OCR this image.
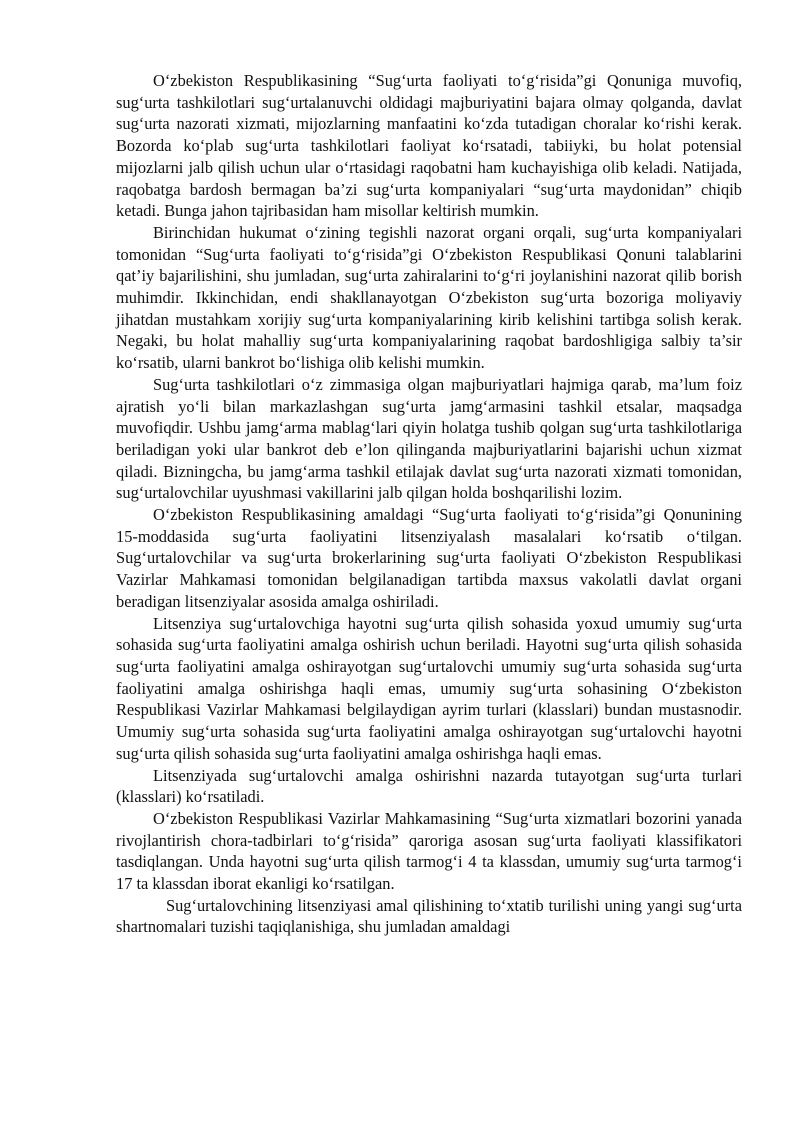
O‘zbekiston Respublikasining “Sug‘urta faoliyati to‘g‘risida”gi Qonuniga muvofiq, sug‘urta tashkilotlari sug‘urtalanuvchi oldidagi majburiyatini bajara olmay qolganda, davlat sug‘urta nazorati xizmati, mijozlarning manfaatini ko‘zda tutadigan choralar ko‘rishi kerak. Bozorda ko‘plab sug‘urta tashkilotlari faoliyat ko‘rsatadi, tabiiyki, bu holat potensial mijozlarni jalb qilish uchun ular o‘rtasidagi raqobatni ham kuchayishiga olib keladi. Natijada, raqobatga bardosh bermagan ba’zi sug‘urta kompaniyalari “sug‘urta maydonidan” chiqib ketadi. Bunga jahon tajribasidan ham misollar keltirish mumkin.

Birinchidan hukumat o‘zining tegishli nazorat organi orqali, sug‘urta kompaniyalari tomonidan “Sug‘urta faoliyati to‘g‘risida”gi O‘zbekiston Respublikasi Qonuni talablarini qat’iy bajarilishini, shu jumladan, sug‘urta zahiralarini to‘g‘ri joylanishini nazorat qilib borish muhimdir. Ikkinchidan, endi shakllanayotgan O‘zbekiston sug‘urta bozoriga moliyaviy jihatdan mustahkam xorijiy sug‘urta kompaniyalarining kirib kelishini tartibga solish kerak. Negaki, bu holat mahalliy sug‘urta kompaniyalarining raqobat bardoshligiga salbiy ta’sir ko‘rsatib, ularni bankrot bo‘lishiga olib kelishi mumkin.

Sug‘urta tashkilotlari o‘z zimmasiga olgan majburiyatlari hajmiga qarab, ma’lum foiz ajratish yo‘li bilan markazlashgan sug‘urta jamg‘armasini tashkil etsalar, maqsadga muvofiqdir. Ushbu jamg‘arma mablag‘lari qiyin holatga tushib qolgan sug‘urta tashkilotlariga beriladigan yoki ular bankrot deb e’lon qilinganda majburiyatlarini bajarishi uchun xizmat qiladi. Bizningcha, bu jamg‘arma tashkil etilajak davlat sug‘urta nazorati xizmati tomonidan, sug‘urtalovchilar uyushmasi vakillarini jalb qilgan holda boshqarilishi lozim.

O‘zbekiston Respublikasining amaldagi “Sug‘urta faoliyati to‘g‘risida”gi Qonunining 15-moddasida sug‘urta faoliyatini litsenziyalash masalalari ko‘rsatib o‘tilgan. Sug‘urtalovchilar va sug‘urta brokerlarining sug‘urta faoliyati O‘zbekiston Respublikasi Vazirlar Mahkamasi tomonidan belgilanadigan tartibda maxsus vakolatli davlat organi beradigan litsenziyalar asosida amalga oshiriladi.

Litsenziya sug‘urtalovchiga hayotni sug‘urta qilish sohasida yoxud umumiy sug‘urta sohasida sug‘urta faoliyatini amalga oshirish uchun beriladi. Hayotni sug‘urta qilish sohasida sug‘urta faoliyatini amalga oshirayotgan sug‘urtalovchi umumiy sug‘urta sohasida sug‘urta faoliyatini amalga oshirishga haqli emas, umumiy sug‘urta sohasining O‘zbekiston Respublikasi Vazirlar Mahkamasi belgilaydigan ayrim turlari (klasslari) bundan mustasnodir. Umumiy sug‘urta sohasida sug‘urta faoliyatini amalga oshirayotgan sug‘urtalovchi hayotni sug‘urta qilish sohasida sug‘urta faoliyatini amalga oshirishga haqli emas.

Litsenziyada sug‘urtalovchi amalga oshirishni nazarda tutayotgan sug‘urta turlari (klasslari) ko‘rsatiladi.

O‘zbekiston Respublikasi Vazirlar Mahkamasining “Sug‘urta xizmatlari bozorini yanada rivojlantirish chora-tadbirlari to‘g‘risida” qaroriga asosan sug‘urta faoliyati klassifikatori tasdiqlangan. Unda hayotni sug‘urta qilish tarmog‘i 4 ta klassdan, umumiy sug‘urta tarmog‘i 17 ta klassdan iborat ekanligi ko‘rsatilgan.

Sug‘urtalovchining litsenziyasi amal qilishining to‘xtatib turilishi uning yangi sug‘urta shartnomalari tuzishi taqiqlanishiga, shu jumladan amaldagi
